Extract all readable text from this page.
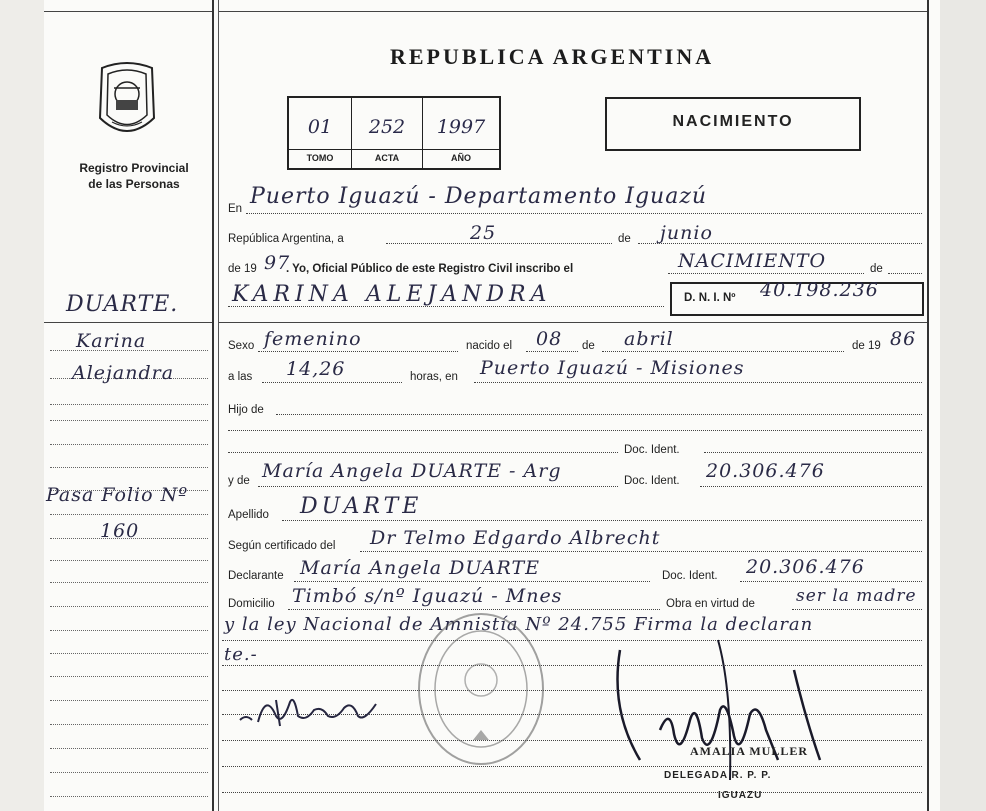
Registro Provincial
de las Personas
REPUBLICA ARGENTINA
01
TOMO
252
ACTA
1997
AÑO
NACIMIENTO
DUARTE.
Karina
Alejandra
Pasa Folio Nº
160
En Puerto Iguazú - Departamento Iguazú
República Argentina, a	25	de junio
de 19 97
. Yo, Oficial Público de este Registro Civil inscribo el	NACIMIENTO	de
KARINA ALEJANDRA	D. N. I. Nº 40.198.236
Sexo femenino	nacido el 08 de abril	de 19 86
a las 14,26	horas, en Puerto Iguazú - Misiones
Hijo de
Doc. Ident.
y de María Angela DUARTE - Arg	Doc. Ident. 20.306.476
Apellido DUARTE
Según certificado del Dr Telmo Edgardo Albrecht
Declarante María Angela DUARTE	Doc. Ident. 20.306.476
Domicilio Timbó s/nº Iguazú - Mnes	Obra en virtud de ser la madre
y la ley Nacional de Amnistía Nº 24.755 Firma la declaran
te.-
AMALIA MULLER
DELEGADA R. P. P.
IGUAZU
